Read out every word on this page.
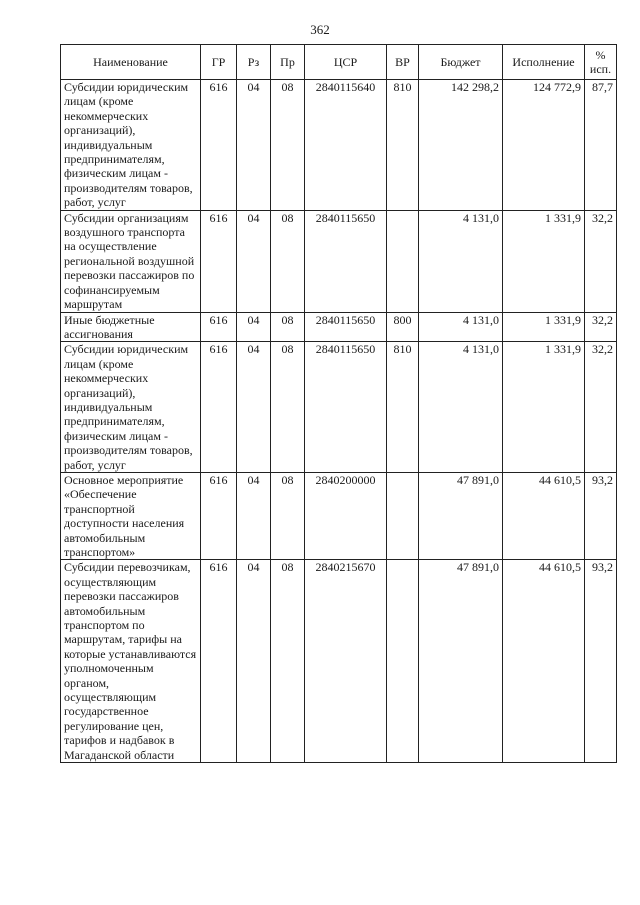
362
Наименование	ГР	Рз	Пр	ЦСР	ВР	Бюджет	Исполнение	%
исп.

Субсидии юридическим лицам (кроме некоммерческих организаций), индивидуальным предпринимателям, физическим лицам - производителям товаров, работ, услуг	616	04	08	2840115640	810	142 298,2	124 772,9	87,7
Субсидии организациям воздушного транспорта на осуществление региональной воздушной перевозки пассажиров по софинансируемым маршрутам	616	04	08	2840115650		4 131,0	1 331,9	32,2
Иные бюджетные ассигнования	616	04	08	2840115650	800	4 131,0	1 331,9	32,2
Субсидии юридическим лицам (кроме некоммерческих организаций), индивидуальным предпринимателям, физическим лицам - производителям товаров, работ, услуг	616	04	08	2840115650	810	4 131,0	1 331,9	32,2
Основное мероприятие «Обеспечение транспортной доступности населения автомобильным транспортом»	616	04	08	2840200000		47 891,0	44 610,5	93,2
Субсидии перевозчикам, осуществляющим перевозки пассажиров автомобильным транспортом по маршрутам, тарифы на которые устанавливаются уполномоченным органом, осуществляющим государственное регулирование цен, тарифов и надбавок в Магаданской области	616	04	08	2840215670		47 891,0	44 610,5	93,2
